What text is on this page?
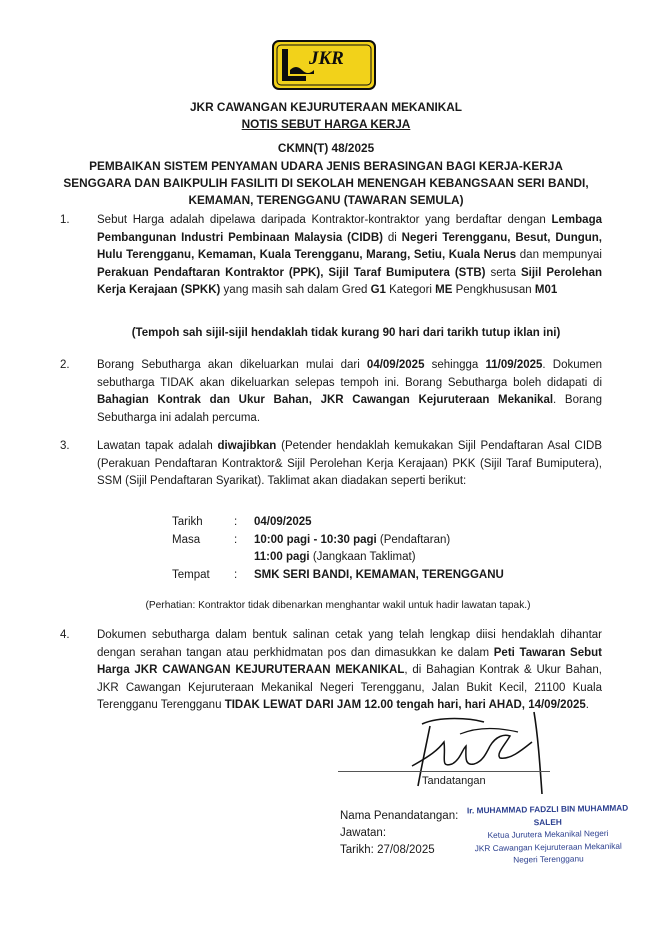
JKR
JKR CAWANGAN KEJURUTERAAN MEKANIKAL
NOTIS SEBUT HARGA KERJA
CKMN(T) 48/2025
PEMBAIKAN SISTEM PENYAMAN UDARA JENIS BERASINGAN BAGI KERJA-KERJA
SENGGARA DAN BAIKPULIH FASILITI DI SEKOLAH MENENGAH KEBANGSAAN SERI BANDI,
KEMAMAN, TERENGGANU (TAWARAN SEMULA)
1. Sebut Harga adalah dipelawa daripada Kontraktor-kontraktor yang berdaftar dengan Lembaga Pembangunan Industri Pembinaan Malaysia (CIDB) di Negeri Terengganu, Besut, Dungun, Hulu Terengganu, Kemaman, Kuala Terengganu, Marang, Setiu, Kuala Nerus dan mempunyai Perakuan Pendaftaran Kontraktor (PPK), Sijil Taraf Bumiputera (STB) serta Sijil Perolehan Kerja Kerajaan (SPKK) yang masih sah dalam Gred G1 Kategori ME Pengkhususan M01
(Tempoh sah sijil-sijil hendaklah tidak kurang 90 hari dari tarikh tutup iklan ini)
2. Borang Sebutharga akan dikeluarkan mulai dari 04/09/2025 sehingga 11/09/2025. Dokumen sebutharga TIDAK akan dikeluarkan selepas tempoh ini. Borang Sebutharga boleh didapati di Bahagian Kontrak dan Ukur Bahan, JKR Cawangan Kejuruteraan Mekanikal. Borang Sebutharga ini adalah percuma.
3. Lawatan tapak adalah diwajibkan (Petender hendaklah kemukakan Sijil Pendaftaran Asal CIDB (Perakuan Pendaftaran Kontraktor& Sijil Perolehan Kerja Kerajaan) PKK (Sijil Taraf Bumiputera), SSM (Sijil Pendaftaran Syarikat). Taklimat akan diadakan seperti berikut:
Tarikh	: 04/09/2025
Masa	: 10:00 pagi - 10:30 pagi (Pendaftaran)
11:00 pagi (Jangkaan Taklimat)
Tempat : SMK SERI BANDI, KEMAMAN, TERENGGANU
(Perhatian: Kontraktor tidak dibenarkan menghantar wakil untuk hadir lawatan tapak.)
4. Dokumen sebutharga dalam bentuk salinan cetak yang telah lengkap diisi hendaklah dihantar dengan serahan tangan atau perkhidmatan pos dan dimasukkan ke dalam Peti Tawaran Sebut Harga JKR CAWANGAN KEJURUTERAAN MEKANIKAL, di Bahagian Kontrak & Ukur Bahan, JKR Cawangan Kejuruteraan Mekanikal Negeri Terengganu, Jalan Bukit Kecil, 21100 Kuala Terengganu Terengganu TIDAK LEWAT DARI JAM 12.00 tengah hari, hari AHAD, 14/09/2025.
Tandatangan
Nama Penandatangan:
Jawatan:
Tarikh: 27/08/2025
Ir. MUHAMMAD FADZLI BIN MUHAMMAD SALEH
Ketua Jurutera Mekanikal Negeri
JKR Cawangan Kejuruteraan Mekanikal
Negeri Terengganu
